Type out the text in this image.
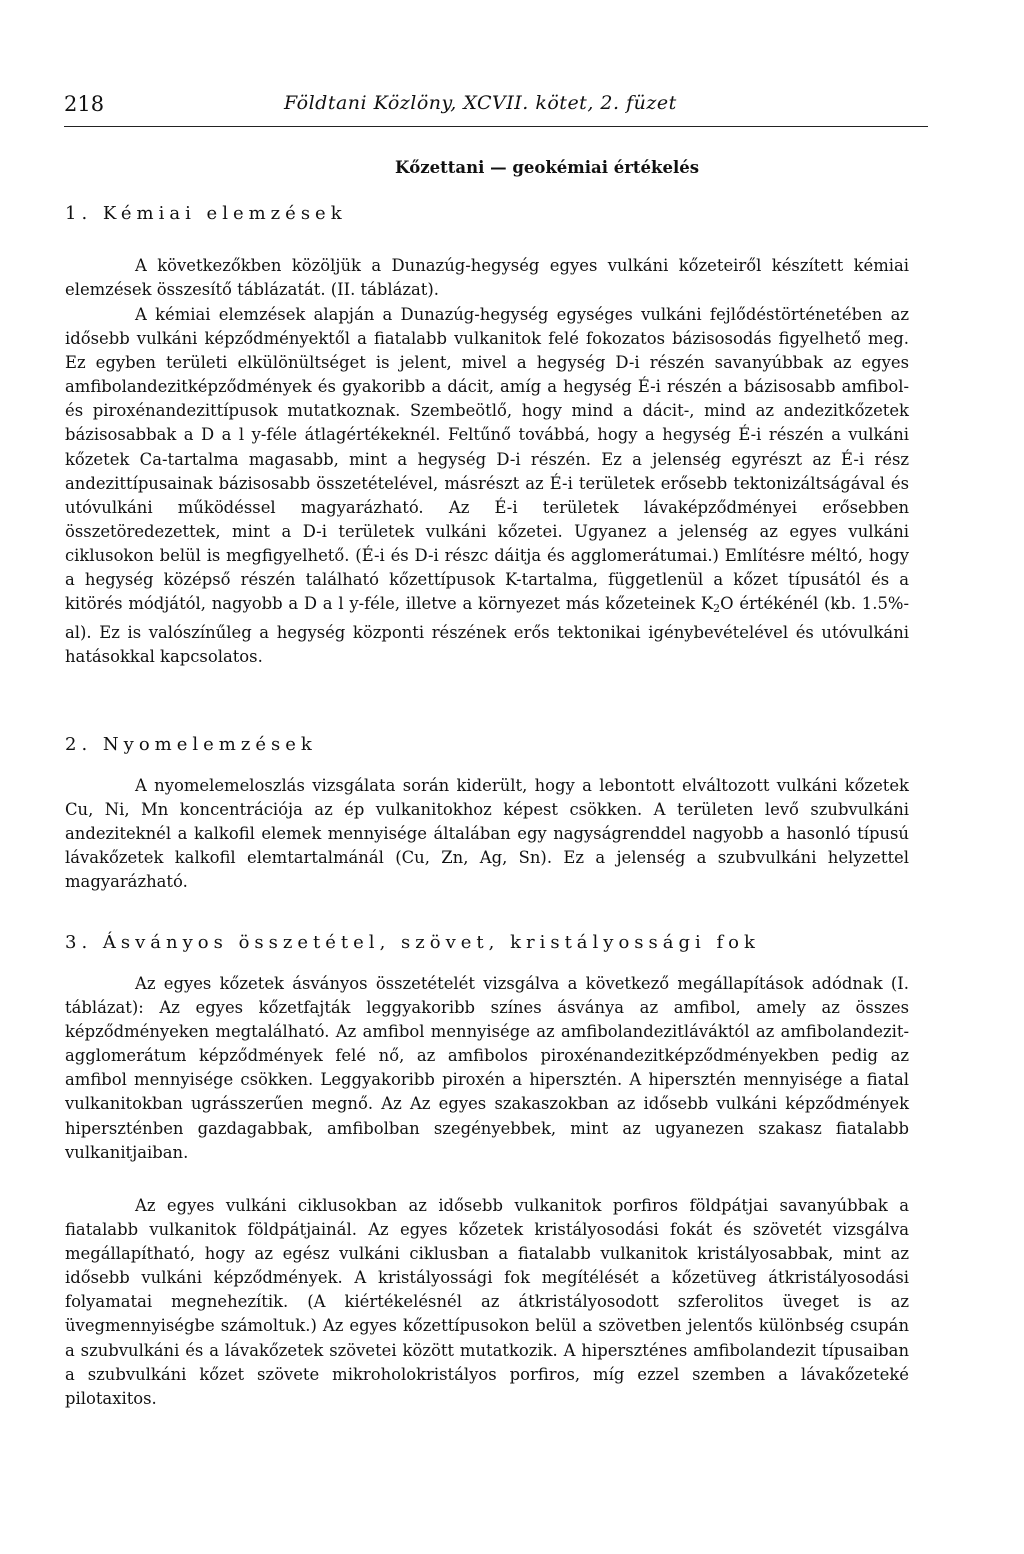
218	Földtani Közlöny, XCVII. kötet, 2. füzet
Kőzettani — geokémiai értékelés
1. Kémiai elemzések

A következőkben közöljük a Dunazúg-hegység egyes vulkáni kőzeteiről készített kémiai elemzések összesítő táblázatát. (II. táblázat).

A kémiai elemzések alapján a Dunazúg-hegység egységes vulkáni fejlődéstörténetében az idősebb vulkáni képződményektől a fiatalabb vulkanitok felé fokozatos bázisosodás figyelhető meg. Ez egyben területi elkülönültséget is jelent, mivel a hegység D-i részén savanyúbbak az egyes amfibolandezitképződmények és gyakoribb a dácit, amíg a hegység É-i részén a bázisosabb amfibol- és piroxénandezittípusok mutatkoznak. Szembeötlő, hogy mind a dácit-, mind az andezitkőzetek bázisosabbak a D a l y-féle átlagértékeknél. Feltűnő továbbá, hogy a hegység É-i részén a vulkáni kőzetek Ca-tartalma magasabb, mint a hegység D-i részén. Ez a jelenség egyrészt az É-i rész andezittípusainak bázisosabb összetételével, másrészt az É-i területek erősebb tektonizáltságával és utóvulkáni működéssel magyarázható. Az É-i területek lávaképződményei erősebben összetöredezettek, mint a D-i területek vulkáni kőzetei. Ugyanez a jelenség az egyes vulkáni ciklusokon belül is megfigyelhető. (É-i és D-i részc dáitja és agglomerátumai.) Említésre méltó, hogy a hegység középső részén található kőzettípusok K-tartalma, függetlenül a kőzet típusától és a kitörés módjától, nagyobb a D a l y-féle, illetve a környezet más kőzeteinek $K_2O$ értékénél (kb. 1.5%-al). Ez is valószínűleg a hegység központi részének erős tektonikai igénybevételével és utóvulkáni hatásokkal kapcsolatos.

2. Nyomelemzések

A nyomelemeloszlás vizsgálata során kiderült, hogy a lebontott elváltozott vulkáni kőzetek Cu, Ni, Mn koncentrációja az ép vulkanitokhoz képest csökken. A területen levő szubvulkáni andeziteknél a kalkofil elemek mennyisége általában egy nagyságrenddel nagyobb a hasonló típusú lávakőzetek kalkofil elemtartalmánál (Cu, Zn, Ag, Sn). Ez a jelenség a szubvulkáni helyzettel magyarázható.

3. Ásványos összetétel, szövet, kristályossági fok

Az egyes kőzetek ásványos összetételét vizsgálva a következő megállapítások adódnak (I. táblázat): Az egyes kőzetfajták leggyakoribb színes ásványa az amfibol, amely az összes képződményeken megtalálható. Az amfibol mennyisége az amfibolandezitláváktól az amfibolandezit-agglomerátum képződmények felé nő, az amfibolos piroxénandezitképződményekben pedig az amfibol mennyisége csökken. Leggyakoribb piroxén a hipersztén. A hipersztén mennyisége a fiatal vulkanitokban ugrásszerűen megnő. Az Az egyes szakaszokban az idősebb vulkáni képződmények hiperszténben gazdagabbak, amfibolban szegényebbek, mint az ugyanezen szakasz fiatalabb vulkanitjaiban.

Az egyes vulkáni ciklusokban az idősebb vulkanitok porfiros földpátjai savanyúbbak a fiatalabb vulkanitok földpátjainál. Az egyes kőzetek kristályosodási fokát és szövetét vizsgálva megállapítható, hogy az egész vulkáni ciklusban a fiatalabb vulkanitok kristályosabbak, mint az idősebb vulkáni képződmények. A kristályossági fok megítélését a kőzetüveg átkristályosodási folyamatai megnehezítik. (A kiértékelésnél az átkristályosodott szferolitos üveget is az üvegmennyiségbe számoltuk.) Az egyes kőzettípusokon belül a szövetben jelentős különbség csupán a szubvulkáni és a lávakőzetek szövetei között mutatkozik. A hiperszténes amfibolandezit típusaiban a szubvulkáni kőzet szövete mikroholokristályos porfiros, míg ezzel szemben a lávakőzeteké pilotaxitos.
